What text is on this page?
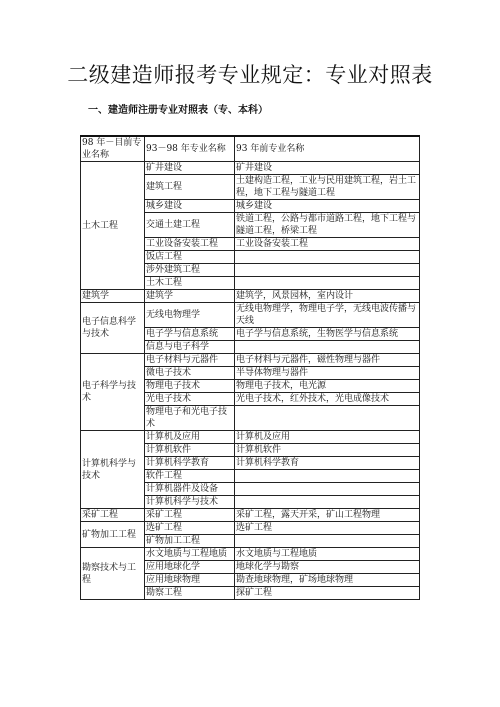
二级建造师报考专业规定：专业对照表
一、建造师注册专业对照表（专、本科）
98 年－目前专业名称	93－98 年专业名称	93 年前专业名称
土木工程	矿井建设	矿井建设
	建筑工程	土建构造工程，工业与民用建筑工程，岩土工程，地下工程与隧道工程
	城乡建设	城乡建设
	交通土建工程	铁道工程，公路与都市道路工程，地下工程与隧道工程，桥梁工程
	工业设备安装工程	工业设备安装工程
	饭店工程	
	涉外建筑工程	
	土木工程	
建筑学	建筑学	建筑学，风景园林，室内设计
电子信息科学与技术	无线电物理学	无线电物理学，物理电子学，无线电波传播与天线
	电子学与信息系统	电子学与信息系统，生物医学与信息系统
	信息与电子科学	
电子科学与技术	电子材料与元器件	电子材料与元器件，磁性物理与器件
	微电子技术	半导体物理与器件
	物理电子技术	物理电子技术，电光源
	光电子技术	光电子技术，红外技术，光电成像技术
	物理电子和光电子技术	
计算机科学与技术	计算机及应用	计算机及应用
	计算机软件	计算机软件
	计算机科学教育	计算机科学教育
	软件工程	
	计算机器件及设备	
	计算机科学与技术	
采矿工程	采矿工程	采矿工程，露天开采，矿山工程物理
矿物加工工程	选矿工程	选矿工程
	矿物加工工程	
勘察技术与工程	水文地质与工程地质	水文地质与工程地质
	应用地球化学	地球化学与勘察
	应用地球物理	勘查地球物理，矿场地球物理
	勘察工程	探矿工程
